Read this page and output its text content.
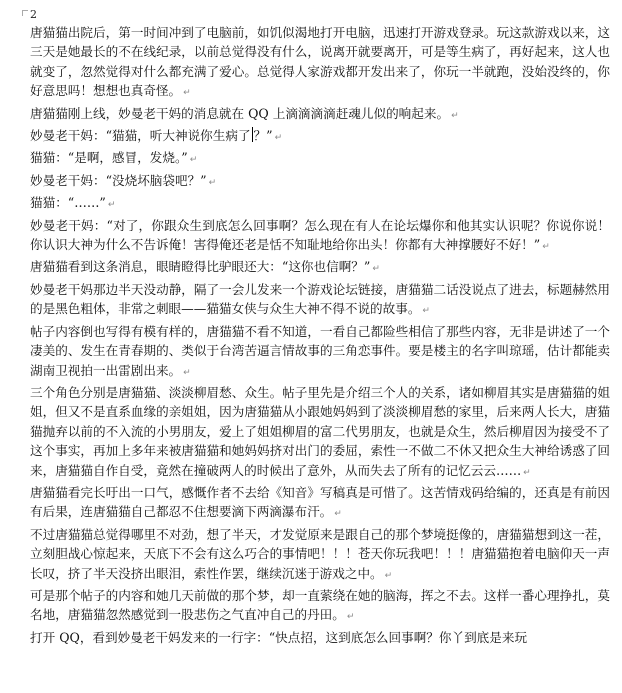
2

唐猫猫出院后，第一时间冲到了电脑前，如饥似渴地打开电脑，迅速打开游戏登录。玩这款游戏以来，这三天是她最长的不在线纪录，以前总觉得没有什么，说离开就要离开，可是等生病了，再好起来，这人也就变了，忽然觉得对什么都充满了爱心。总觉得人家游戏都开发出来了，你玩一半就跑，没始没终的，你好意思吗！想想也真奇怪。 ↵

唐猫猫刚上线，妙曼老干妈的消息就在 QQ 上滴滴滴滴赶魂儿似的响起来。 ↵

妙曼老干妈：“猫猫，听大神说你生病了 ？” ↵

猫猫：“是啊，感冒，发烧。” ↵

妙曼老干妈：“没烧坏脑袋吧？” ↵

猫猫：“……” ↵

妙曼老干妈：“对了，你跟众生到底怎么回事啊？怎么现在有人在论坛爆你和他其实认识呢？你说你说！你认识大神为什么不告诉俺！害得俺还老是恬不知耻地给你出头！你都有大神撑腰好不好！” ↵

唐猫猫看到这条消息，眼睛瞪得比驴眼还大：“这你也信啊？” ↵

妙曼老干妈那边半天没动静，隔了一会儿发来一个游戏论坛链接，唐猫猫二话没说点了进去，标题赫然用的是黑色粗体，非常之刺眼——猫猫女侠与众生大神不得不说的故事。 ↵

帖子内容倒也写得有模有样的，唐猫猫不看不知道，一看自己都险些相信了那些内容，无非是讲述了一个凄美的、发生在青春期的、类似于台湾苦逼言情故事的三角恋事件。要是楼主的名字叫琼瑶，估计都能卖湖南卫视拍一出雷剧出来。 ↵

三个角色分别是唐猫猫、淡淡柳眉愁、众生。帖子里先是介绍三个人的关系，诸如柳眉其实是唐猫猫的姐姐，但又不是直系血缘的亲姐姐，因为唐猫猫从小跟她妈妈到了淡淡柳眉愁的家里，后来两人长大，唐猫猫抛弃以前的不入流的小男朋友，爱上了姐姐柳眉的富二代男朋友，也就是众生，然后柳眉因为接受不了这个事实，再加上多年来被唐猫猫和她妈妈挤对出门的委屈，索性一不做二不休又把众生大神给诱惑了回来，唐猫猫自作自受，竟然在撞破两人的时候出了意外，从而失去了所有的记忆云云…… ↵

唐猫猫看完长吁出一口气，感慨作者不去给《知音》写稿真是可惜了。这苦情戏码给编的，还真是有前因有后果，连唐猫猫自己都忍不住想要滴下两滴瀑布汗。 ↵

不过唐猫猫总觉得哪里不对劲，想了半天，才发觉原来是跟自己的那个梦境挺像的，唐猫猫想到这一茬，立刻胆战心惊起来，天底下不会有这么巧合的事情吧！！！苍天你玩我吧！！！唐猫猫抱着电脑仰天一声长叹，挤了半天没挤出眼泪，索性作罢，继续沉迷于游戏之中。 ↵

可是那个帖子的内容和她几天前做的那个梦，却一直萦绕在她的脑海，挥之不去。这样一番心理挣扎，莫名地，唐猫猫忽然感觉到一股悲伤之气直冲自己的丹田。 ↵

打开 QQ，看到妙曼老干妈发来的一行字：“快点招，这到底怎么回事啊？你丫到底是来玩
